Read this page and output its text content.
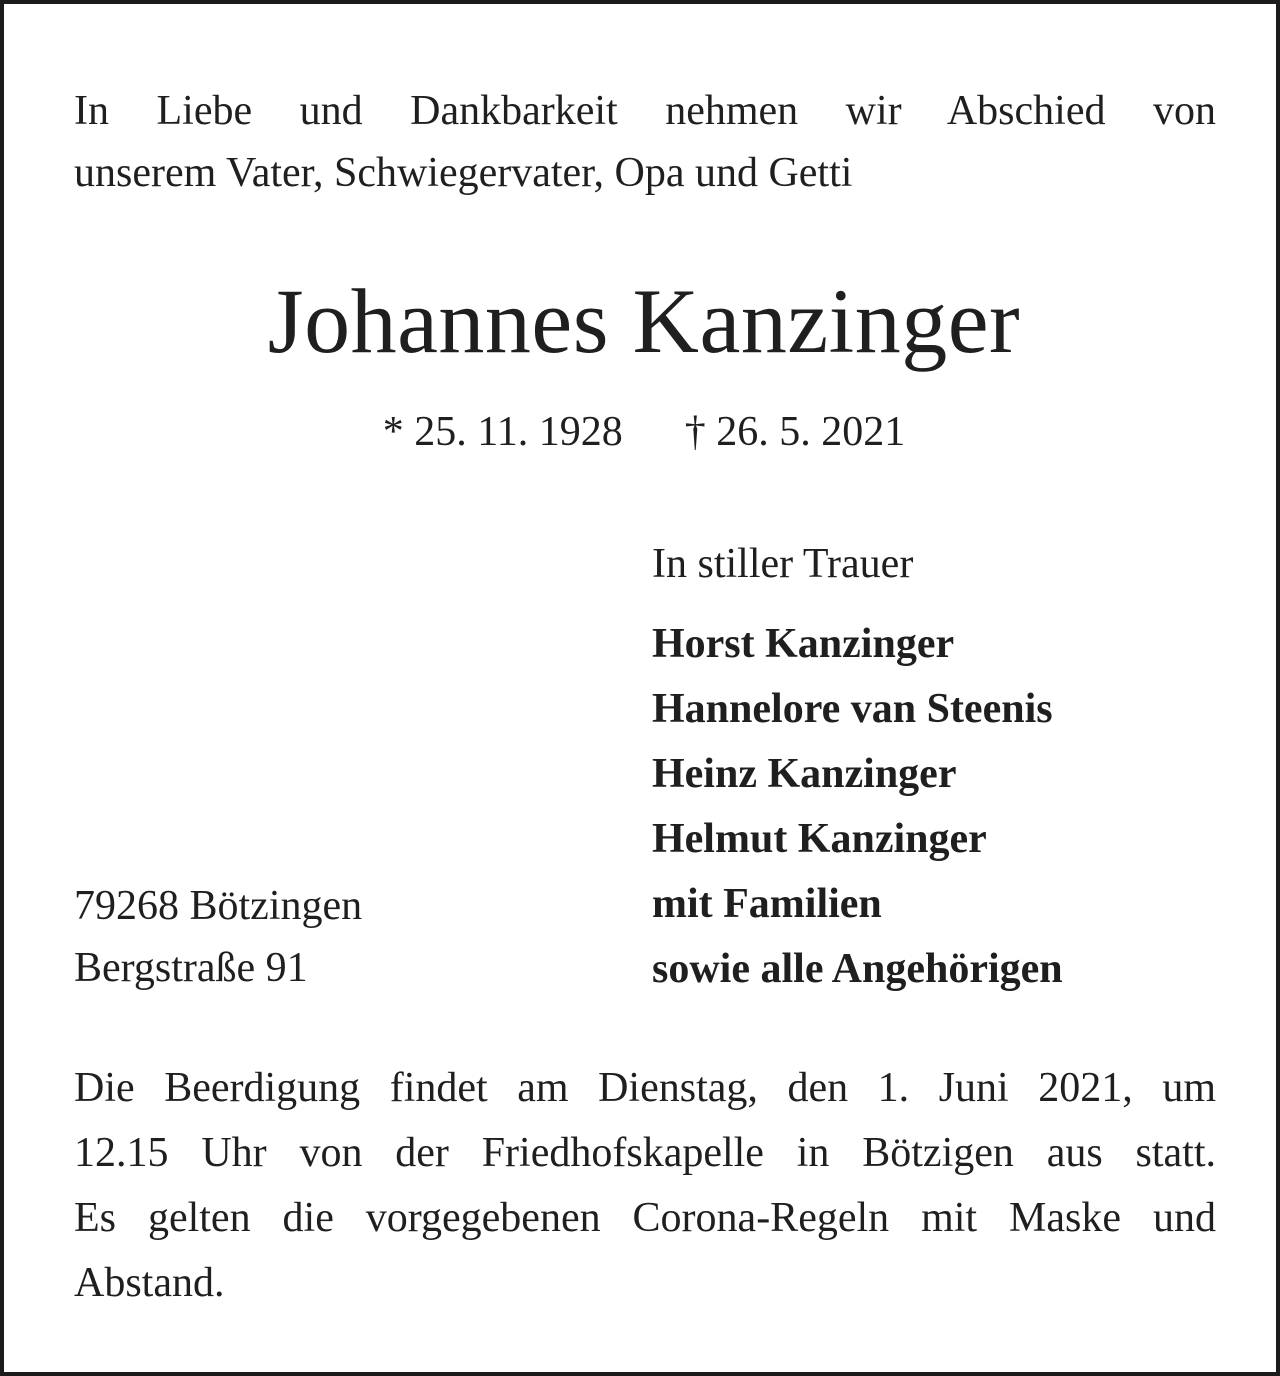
In Liebe und Dankbarkeit nehmen wir Abschied von
unserem Vater, Schwiegervater, Opa und Getti
Johannes Kanzinger
* 25. 11. 1928 † 26. 5. 2021
In stiller Trauer
Horst Kanzinger
Hannelore van Steenis
Heinz Kanzinger
Helmut Kanzinger
mit Familien
sowie alle Angehörigen
79268 Bötzingen
Bergstraße 91
Die Beerdigung findet am Dienstag, den 1. Juni 2021, um
12.15 Uhr von der Friedhofskapelle in Bötzigen aus statt.
Es gelten die vorgegebenen Corona-Regeln mit Maske und
Abstand.
